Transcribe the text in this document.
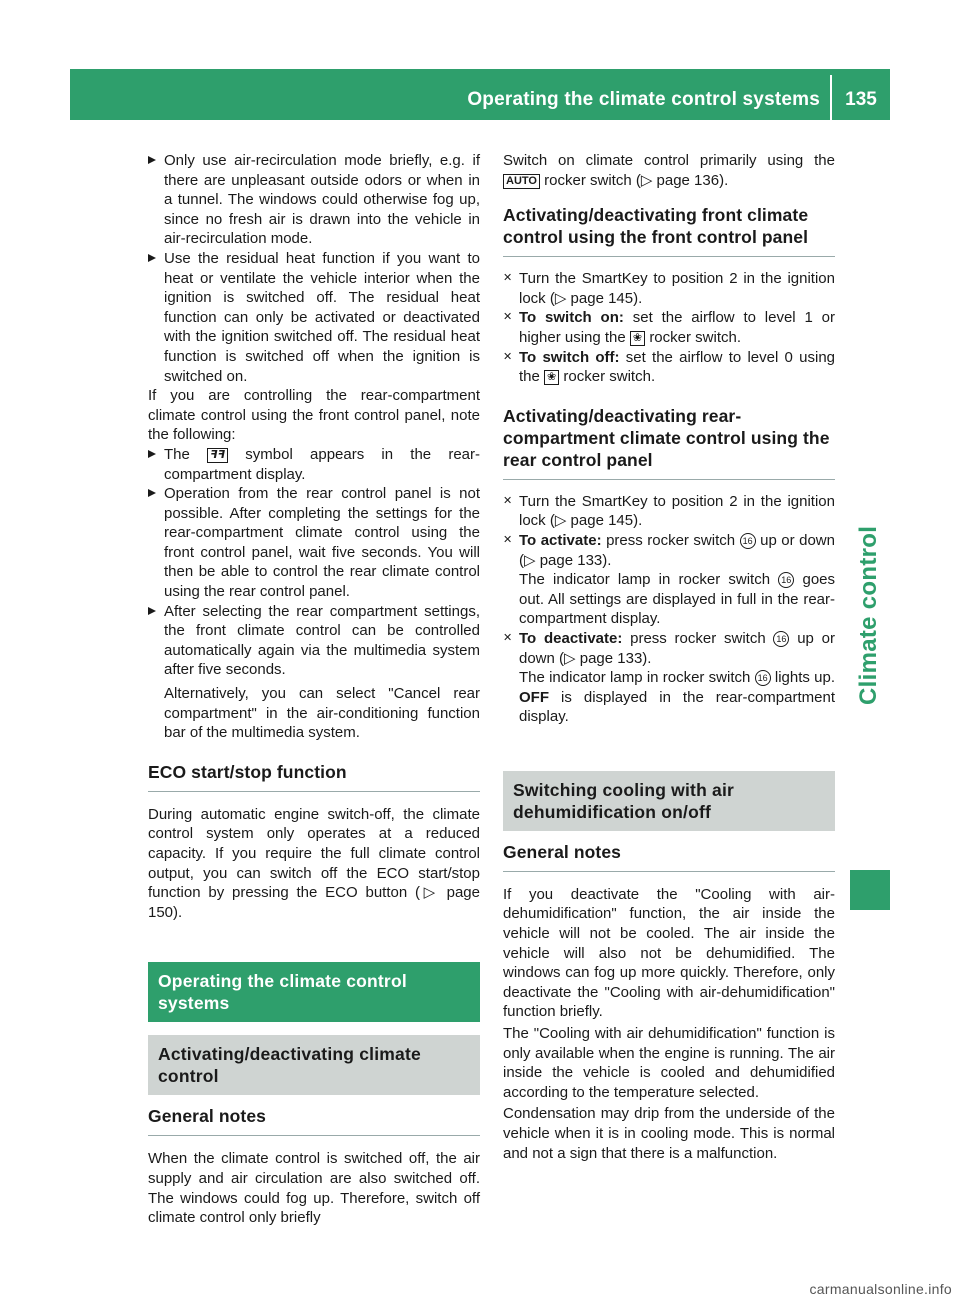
Operating the climate control systems	135
Climate control

Only use air-recirculation mode briefly, e.g. if there are unpleasant outside odors or when in a tunnel. The windows could otherwise fog up, since no fresh air is drawn into the vehicle in air-recirculation mode.

Use the residual heat function if you want to heat or ventilate the vehicle interior when the ignition is switched off. The residual heat function can only be activated or deactivated with the ignition switched off. The residual heat function is switched off when the ignition is switched on.

If you are controlling the rear-compartment climate control using the front control panel, note the following:

The ꟻꟻ symbol appears in the rear-compartment display.

Operation from the rear control panel is not possible. After completing the settings for the rear-compartment climate control using the front control panel, wait five seconds. You will then be able to control the rear climate control using the rear control panel.

After selecting the rear compartment settings, the front climate control can be controlled automatically again via the multimedia system after five seconds.

Alternatively, you can select "Cancel rear compartment" in the air-conditioning function bar of the multimedia system.

ECO start/stop function

During automatic engine switch-off, the climate control system only operates at a reduced capacity. If you require the full climate control output, you can switch off the ECO start/stop function by pressing the ECO button (▷ page 150).

Operating the climate control systems
Activating/deactivating climate control
General notes

When the climate control is switched off, the air supply and air circulation are also switched off. The windows could fog up. Therefore, switch off climate control only briefly

Switch on climate control primarily using the AUTO rocker switch (▷ page 136).

Activating/deactivating front climate control using the front control panel

✕ Turn the SmartKey to position 2 in the ignition lock (▷ page 145).

✕ To switch on: set the airflow to level 1 or higher using the ❀ rocker switch.

✕ To switch off: set the airflow to level 0 using the ❀ rocker switch.

Activating/deactivating rear-compartment climate control using the rear control panel

✕ Turn the SmartKey to position 2 in the ignition lock (▷ page 145).

✕ To activate: press rocker switch 16 up or down (▷ page 133).
The indicator lamp in rocker switch 16 goes out. All settings are displayed in full in the rear-compartment display.

✕ To deactivate: press rocker switch 16 up or down (▷ page 133).
The indicator lamp in rocker switch 16 lights up. OFF is displayed in the rear-compartment display.

Switching cooling with air dehumidification on/off
General notes

If you deactivate the "Cooling with air-dehumidification" function, the air inside the vehicle will not be cooled. The air inside the vehicle will also not be dehumidified. The windows can fog up more quickly. Therefore, only deactivate the "Cooling with air-dehumidification" function briefly.

The "Cooling with air dehumidification" function is only available when the engine is running. The air inside the vehicle is cooled and dehumidified according to the temperature selected.

Condensation may drip from the underside of the vehicle when it is in cooling mode. This is normal and not a sign that there is a malfunction.

carmanualsonline.info
